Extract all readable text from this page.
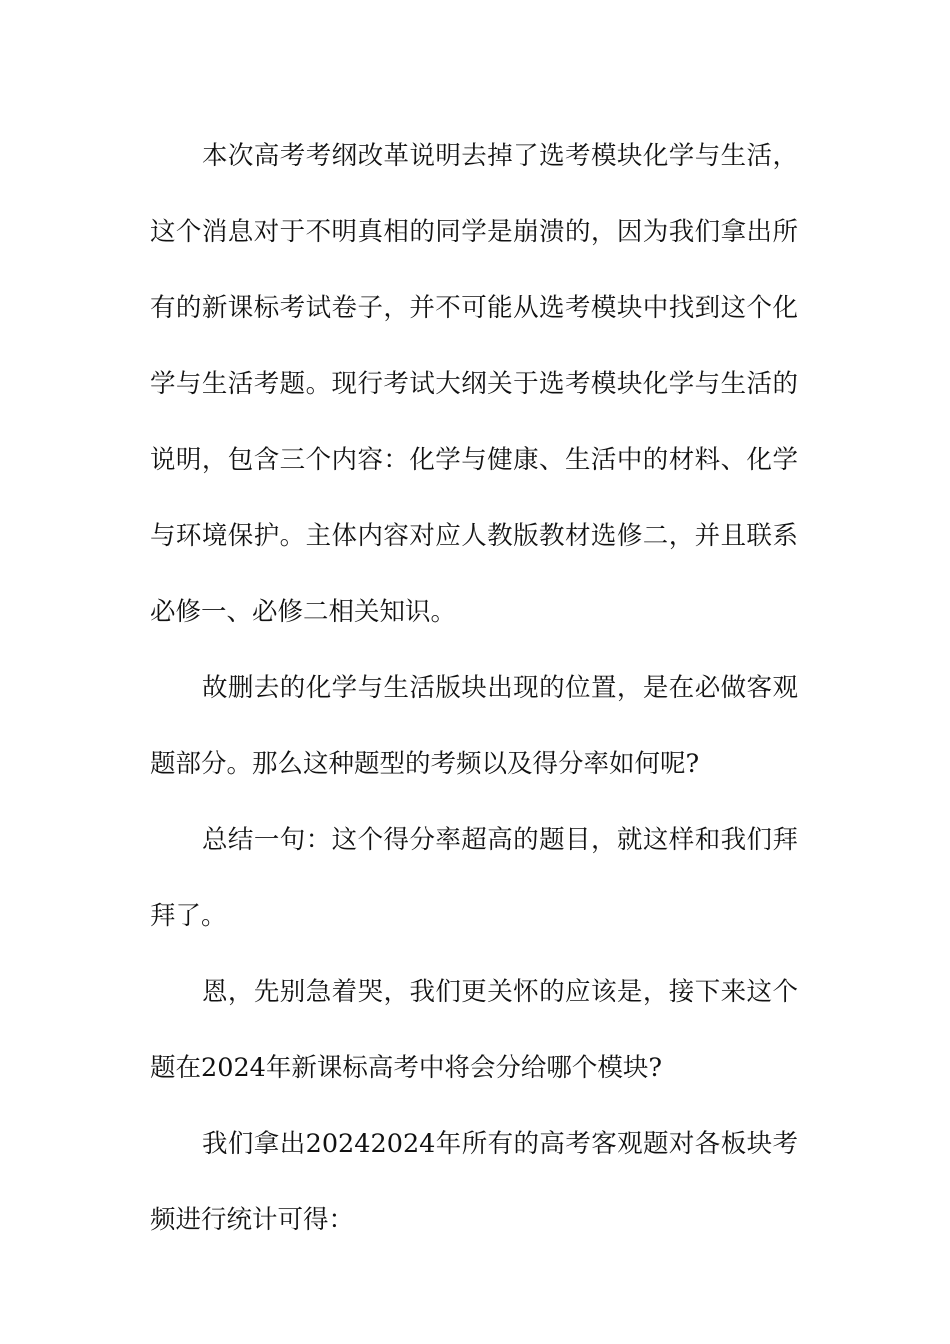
本次高考考纲改革说明去掉了选考模块化学与生活，这个消息对于不明真相的同学是崩溃的，因为我们拿出所有的新课标考试卷子，并不可能从选考模块中找到这个化学与生活考题。现行考试大纲关于选考模块化学与生活的说明，包含三个内容：化学与健康、生活中的材料、化学与环境保护。主体内容对应人教版教材选修二，并且联系必修一、必修二相关知识。

故删去的化学与生活版块出现的位置，是在必做客观题部分。那么这种题型的考频以及得分率如何呢?

总结一句：这个得分率超高的题目，就这样和我们拜拜了。

恩，先别急着哭，我们更关怀的应该是，接下来这个题在2024年新课标高考中将会分给哪个模块?

我们拿出20242024年所有的高考客观题对各板块考频进行统计可得：
